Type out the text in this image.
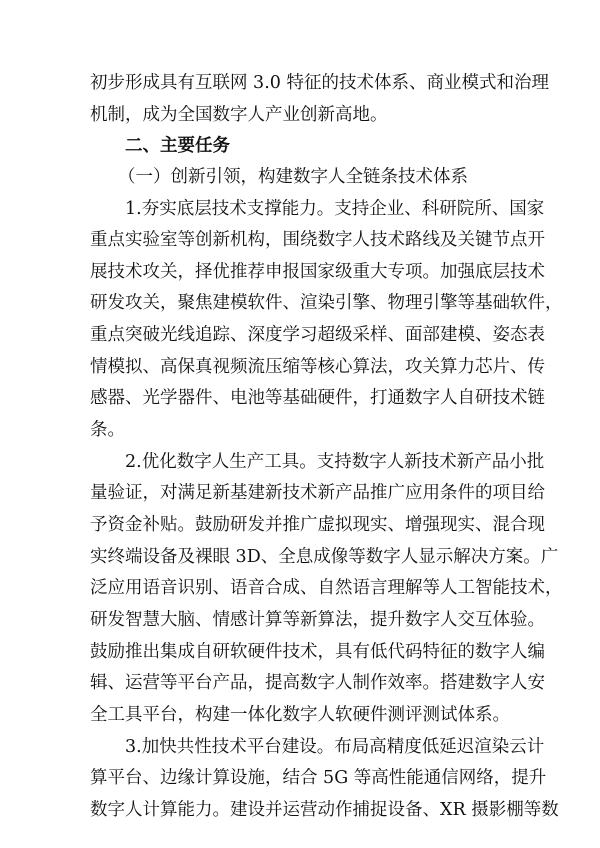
初步形成具有互联网 3.0 特征的技术体系、商业模式和治理
机制，成为全国数字人产业创新高地。
二、主要任务
（一）创新引领，构建数字人全链条技术体系
1.夯实底层技术支撑能力。支持企业、科研院所、国家
重点实验室等创新机构，围绕数字人技术路线及关键节点开
展技术攻关，择优推荐申报国家级重大专项。加强底层技术
研发攻关，聚焦建模软件、渲染引擎、物理引擎等基础软件，
重点突破光线追踪、深度学习超级采样、面部建模、姿态表
情模拟、高保真视频流压缩等核心算法，攻关算力芯片、传
感器、光学器件、电池等基础硬件，打通数字人自研技术链
条。
2.优化数字人生产工具。支持数字人新技术新产品小批
量验证，对满足新基建新技术新产品推广应用条件的项目给
予资金补贴。鼓励研发并推广虚拟现实、增强现实、混合现
实终端设备及裸眼 3D、全息成像等数字人显示解决方案。广
泛应用语音识别、语音合成、自然语言理解等人工智能技术，
研发智慧大脑、情感计算等新算法，提升数字人交互体验。
鼓励推出集成自研软硬件技术，具有低代码特征的数字人编
辑、运营等平台产品，提高数字人制作效率。搭建数字人安
全工具平台，构建一体化数字人软硬件测评测试体系。
3.加快共性技术平台建设。布局高精度低延迟渲染云计
算平台、边缘计算设施，结合 5G 等高性能通信网络，提升
数字人计算能力。建设并运营动作捕捉设备、XR 摄影棚等数
